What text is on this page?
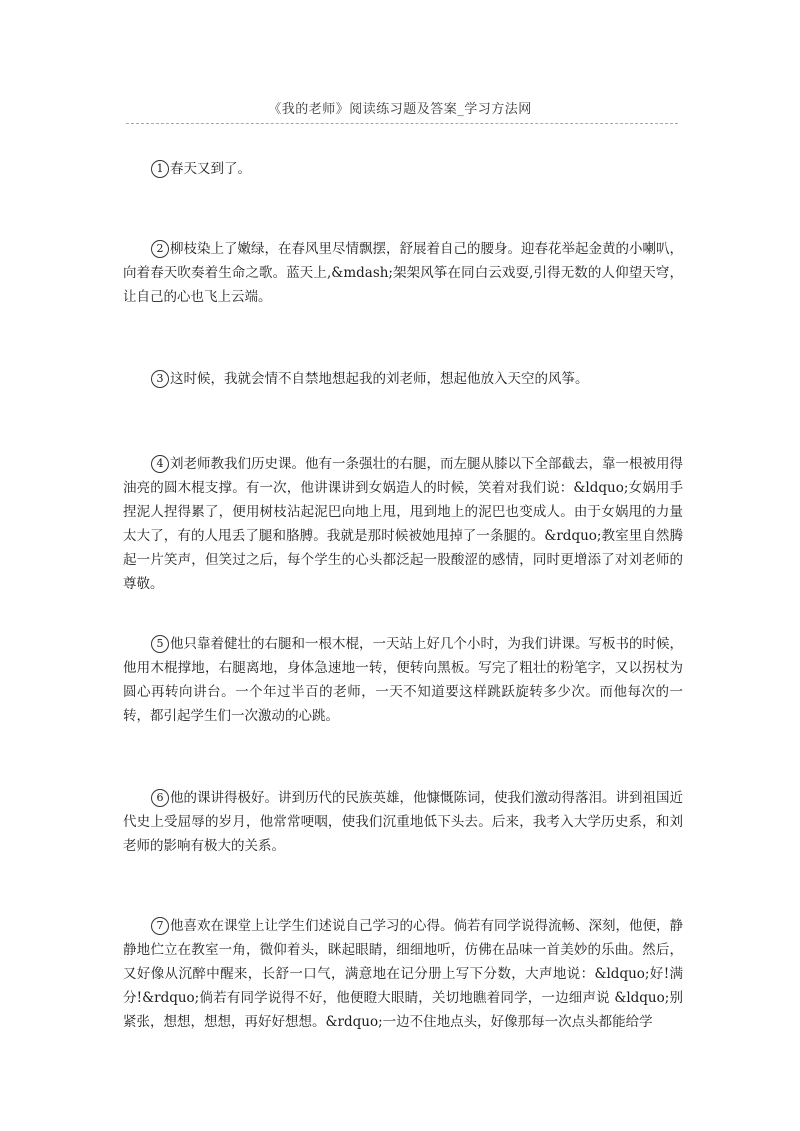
《我的老师》阅读练习题及答案_学习方法网

1 春天又到了。

2 柳枝染上了嫩绿，在春风里尽情飘摆，舒展着自己的腰身。迎春花举起金黄的小喇叭，向着春天吹奏着生命之歌。蓝天上,&mdash;架架风筝在同白云戏耍,引得无数的人仰望天穹，让自己的心也飞上云端。

3 这时候，我就会情不自禁地想起我的刘老师，想起他放入天空的风筝。

4 刘老师教我们历史课。他有一条强壮的右腿，而左腿从膝以下全部截去，靠一根被用得油亮的圆木棍支撑。有一次，他讲课讲到女娲造人的时候，笑着对我们说：&ldquo;女娲用手捏泥人捏得累了，便用树枝沾起泥巴向地上甩，甩到地上的泥巴也变成人。由于女娲甩的力量太大了，有的人甩丢了腿和胳膊。我就是那时候被她甩掉了一条腿的。&rdquo;教室里自然腾起一片笑声，但笑过之后，每个学生的心头都泛起一股酸涩的感情，同时更增添了对刘老师的尊敬。

5 他只靠着健壮的右腿和一根木棍，一天站上好几个小时，为我们讲课。写板书的时候，他用木棍撑地，右腿离地，身体急速地一转，便转向黑板。写完了粗壮的粉笔字，又以拐杖为圆心再转向讲台。一个年过半百的老师，一天不知道要这样跳跃旋转多少次。而他每次的一转，都引起学生们一次激动的心跳。

6 他的课讲得极好。讲到历代的民族英雄，他慷慨陈词，使我们激动得落泪。讲到祖国近代史上受屈辱的岁月，他常常哽咽，使我们沉重地低下头去。后来，我考入大学历史系，和刘老师的影响有极大的关系。

7 他喜欢在课堂上让学生们述说自己学习的心得。倘若有同学说得流畅、深刻，他便，静静地伫立在教室一角，微仰着头，眯起眼睛，细细地听，仿佛在品味一首美妙的乐曲。然后，又好像从沉醉中醒来，长舒一口气，满意地在记分册上写下分数，大声地说：&ldquo;好!满分!&rdquo;倘若有同学说得不好，他便瞪大眼睛，关切地瞧着同学，一边细声说 &ldquo;别紧张，想想，想想，再好好想想。&rdquo;一边不住地点头，好像那每一次点头都能给学
